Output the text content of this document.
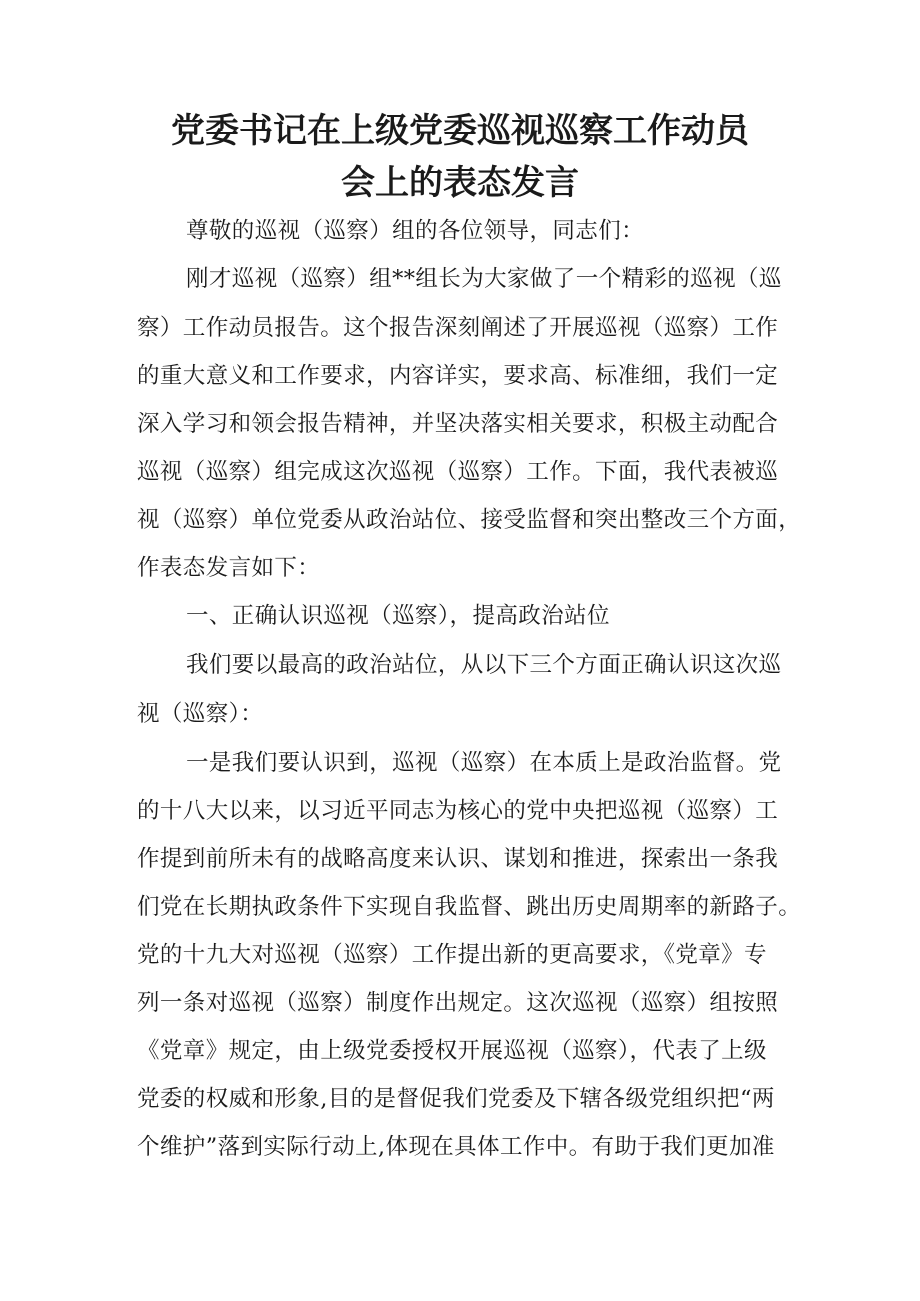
党委书记在上级党委巡视巡察工作动员
会上的表态发言

尊敬的巡视（巡察）组的各位领导，同志们：

刚才巡视（巡察）组**组长为大家做了一个精彩的巡视（巡

察）工作动员报告。这个报告深刻阐述了开展巡视（巡察）工作

的重大意义和工作要求，内容详实，要求高、标准细，我们一定

深入学习和领会报告精神，并坚决落实相关要求，积极主动配合

巡视（巡察）组完成这次巡视（巡察）工作。下面，我代表被巡

视（巡察）单位党委从政治站位、接受监督和突出整改三个方面，

作表态发言如下：

一、正确认识巡视（巡察），提高政治站位

我们要以最高的政治站位，从以下三个方面正确认识这次巡

视（巡察）：

一是我们要认识到，巡视（巡察）在本质上是政治监督。党

的十八大以来，以习近平同志为核心的党中央把巡视（巡察）工

作提到前所未有的战略高度来认识、谋划和推进，探索出一条我

们党在长期执政条件下实现自我监督、跳出历史周期率的新路子。

党的十九大对巡视（巡察）工作提出新的更高要求，《党章》专

列一条对巡视（巡察）制度作出规定。这次巡视（巡察）组按照

《党章》规定，由上级党委授权开展巡视（巡察），代表了上级

党委的权威和形象,目的是督促我们党委及下辖各级党组织把“两

个维护”落到实际行动上,体现在具体工作中。有助于我们更加准
